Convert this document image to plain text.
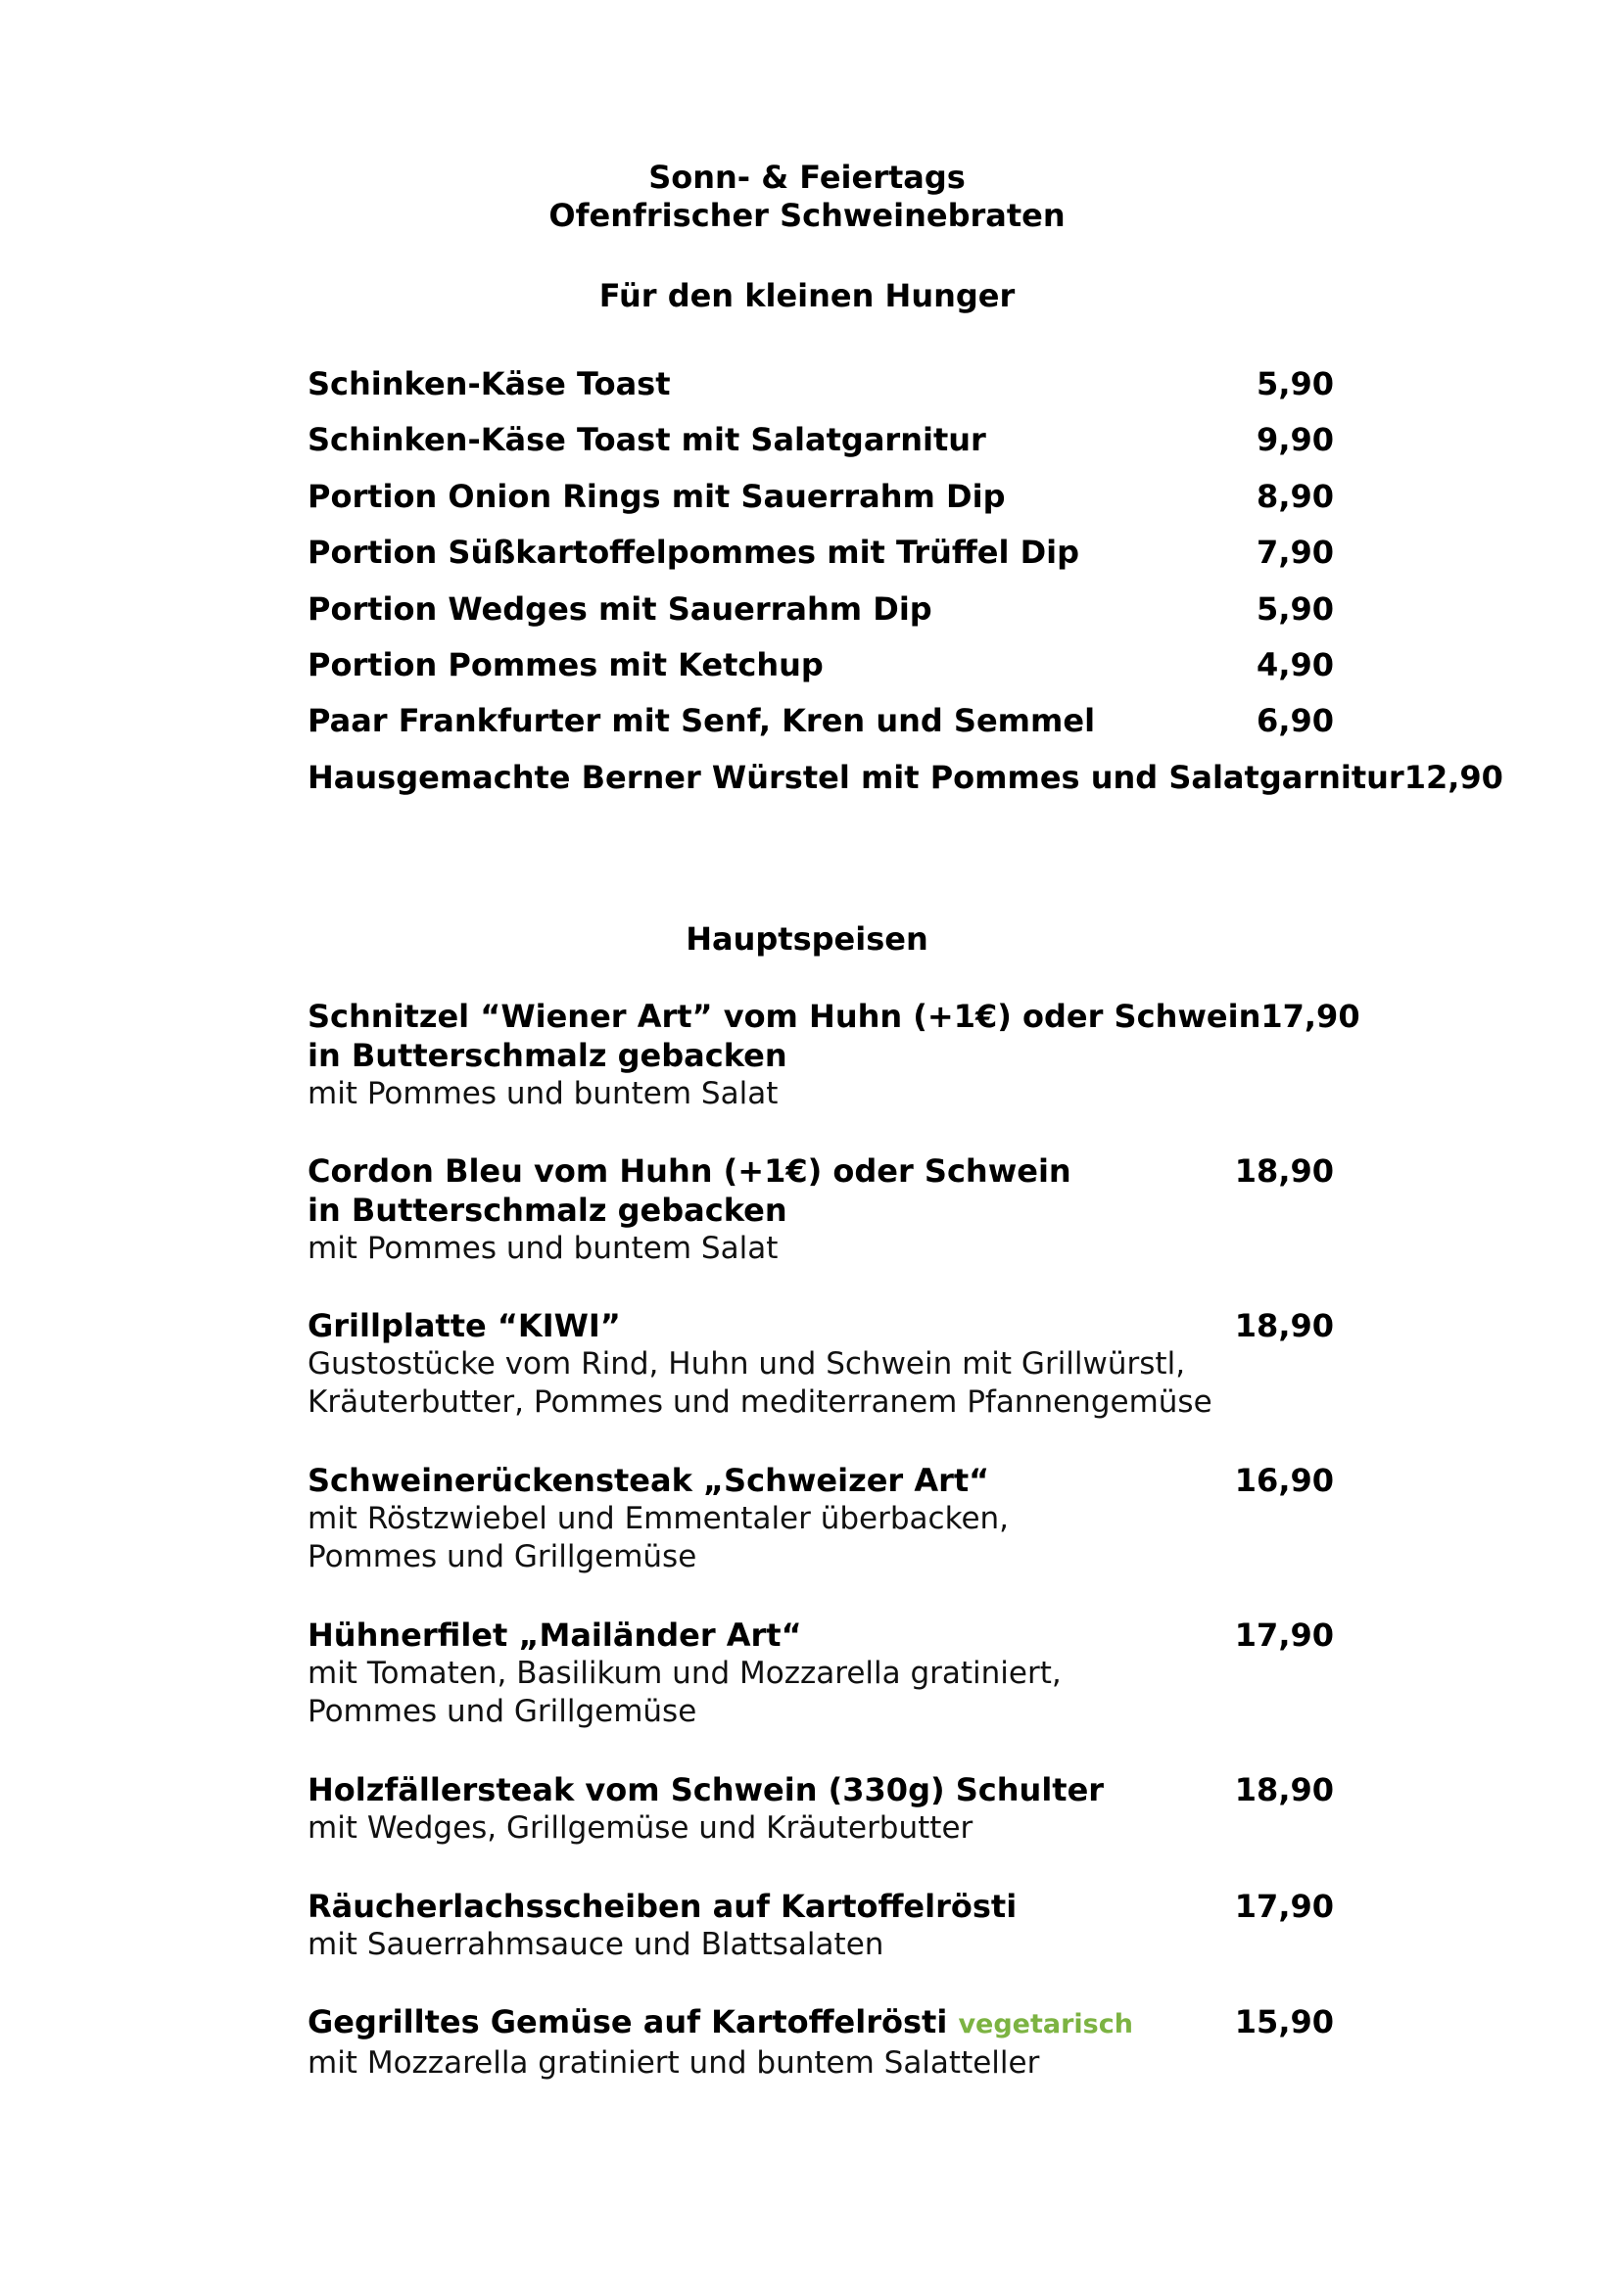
Sonn- & Feiertags
Ofenfrischer Schweinebraten
Für den kleinen Hunger
Schinken-Käse Toast	5,90
Schinken-Käse Toast mit Salatgarnitur	9,90
Portion Onion Rings mit Sauerrahm Dip	8,90
Portion Süßkartoffelpommes mit Trüffel Dip	7,90
Portion Wedges mit Sauerrahm Dip	5,90
Portion Pommes mit Ketchup	4,90
Paar Frankfurter mit Senf, Kren und Semmel	6,90
Hausgemachte Berner Würstel mit Pommes und Salatgarnitur 12,90
Hauptspeisen
Schnitzel “Wiener Art” vom Huhn (+1€) oder Schwein 17,90
in Butterschmalz gebacken
mit Pommes und buntem Salat
Cordon Bleu vom Huhn (+1€) oder Schwein	18,90
in Butterschmalz gebacken
mit Pommes und buntem Salat
Grillplatte “KIWI”	18,90
Gustostücke vom Rind, Huhn und Schwein mit Grillwürstl,
Kräuterbutter, Pommes und mediterranem Pfannengemüse
Schweinerückensteak „Schweizer Art“	16,90
mit Röstzwiebel und Emmentaler überbacken,
Pommes und Grillgemüse
Hühnerfilet „Mailänder Art“	17,90
mit Tomaten, Basilikum und Mozzarella gratiniert,
Pommes und Grillgemüse
Holzfällersteak vom Schwein (330g) Schulter	18,90
mit Wedges, Grillgemüse und Kräuterbutter
Räucherlachsscheiben auf Kartoffelrösti	17,90
mit Sauerrahmsauce und Blattsalaten
Gegrilltes Gemüse auf Kartoffelrösti vegetarisch	15,90
mit Mozzarella gratiniert und buntem Salatteller
